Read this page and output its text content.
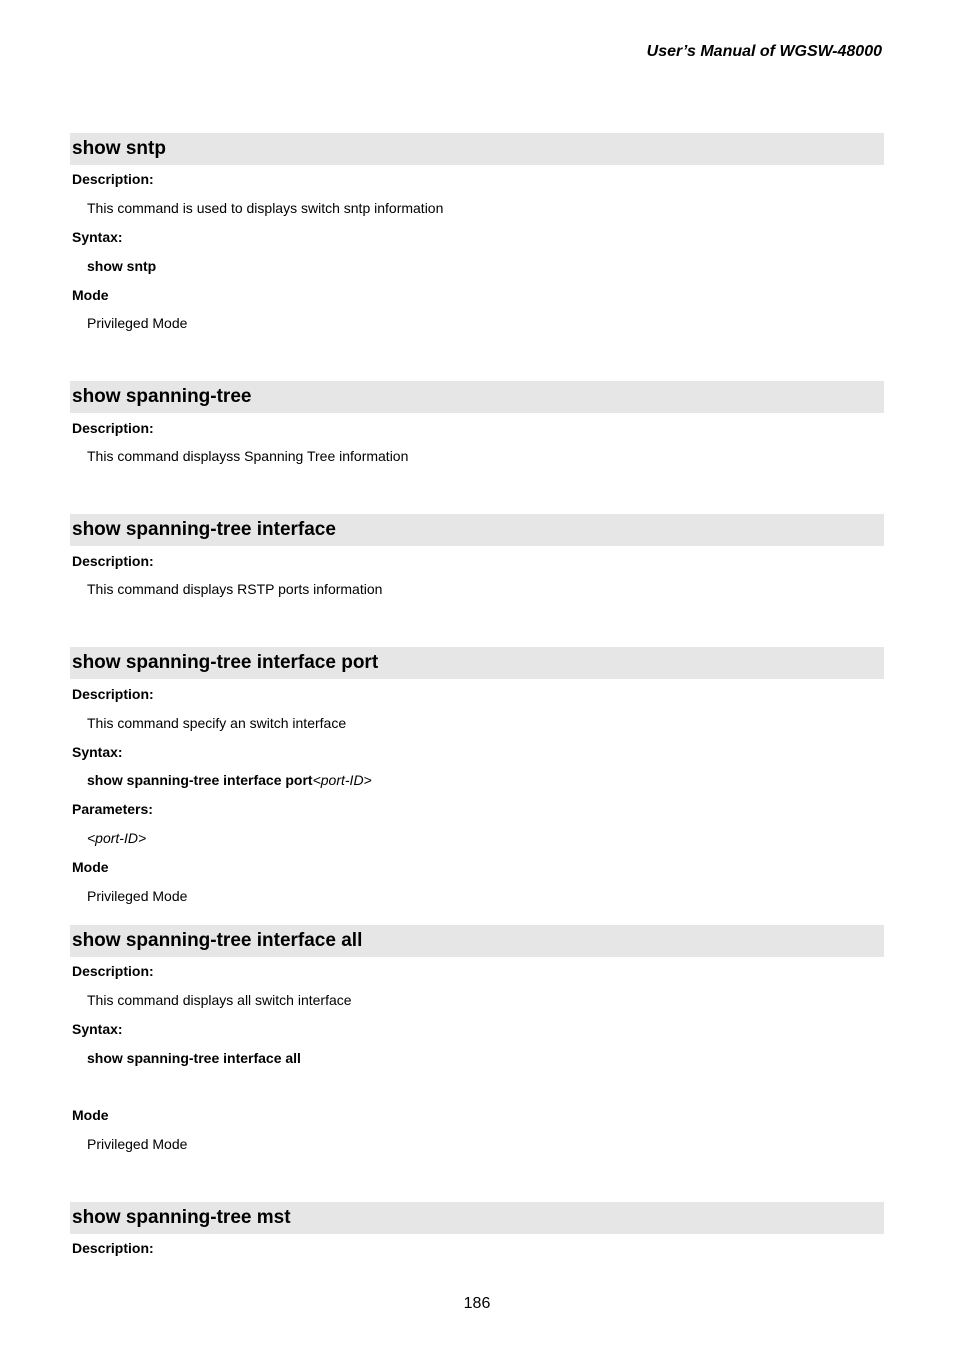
User’s Manual of WGSW-48000
show sntp
Description:
This command is used to displays switch sntp information
Syntax:
show sntp
Mode
Privileged Mode
show spanning-tree
Description:
This command displayss Spanning Tree information
show spanning-tree interface
Description:
This command displays RSTP ports information
show spanning-tree interface port
Description:
This command specify an switch interface
Syntax:
show spanning-tree interface port<port-ID>
Parameters:
<port-ID>
Mode
Privileged Mode
show spanning-tree interface all
Description:
This command displays all switch interface
Syntax:
show spanning-tree interface all
Mode
Privileged Mode
show spanning-tree mst
Description:
186
